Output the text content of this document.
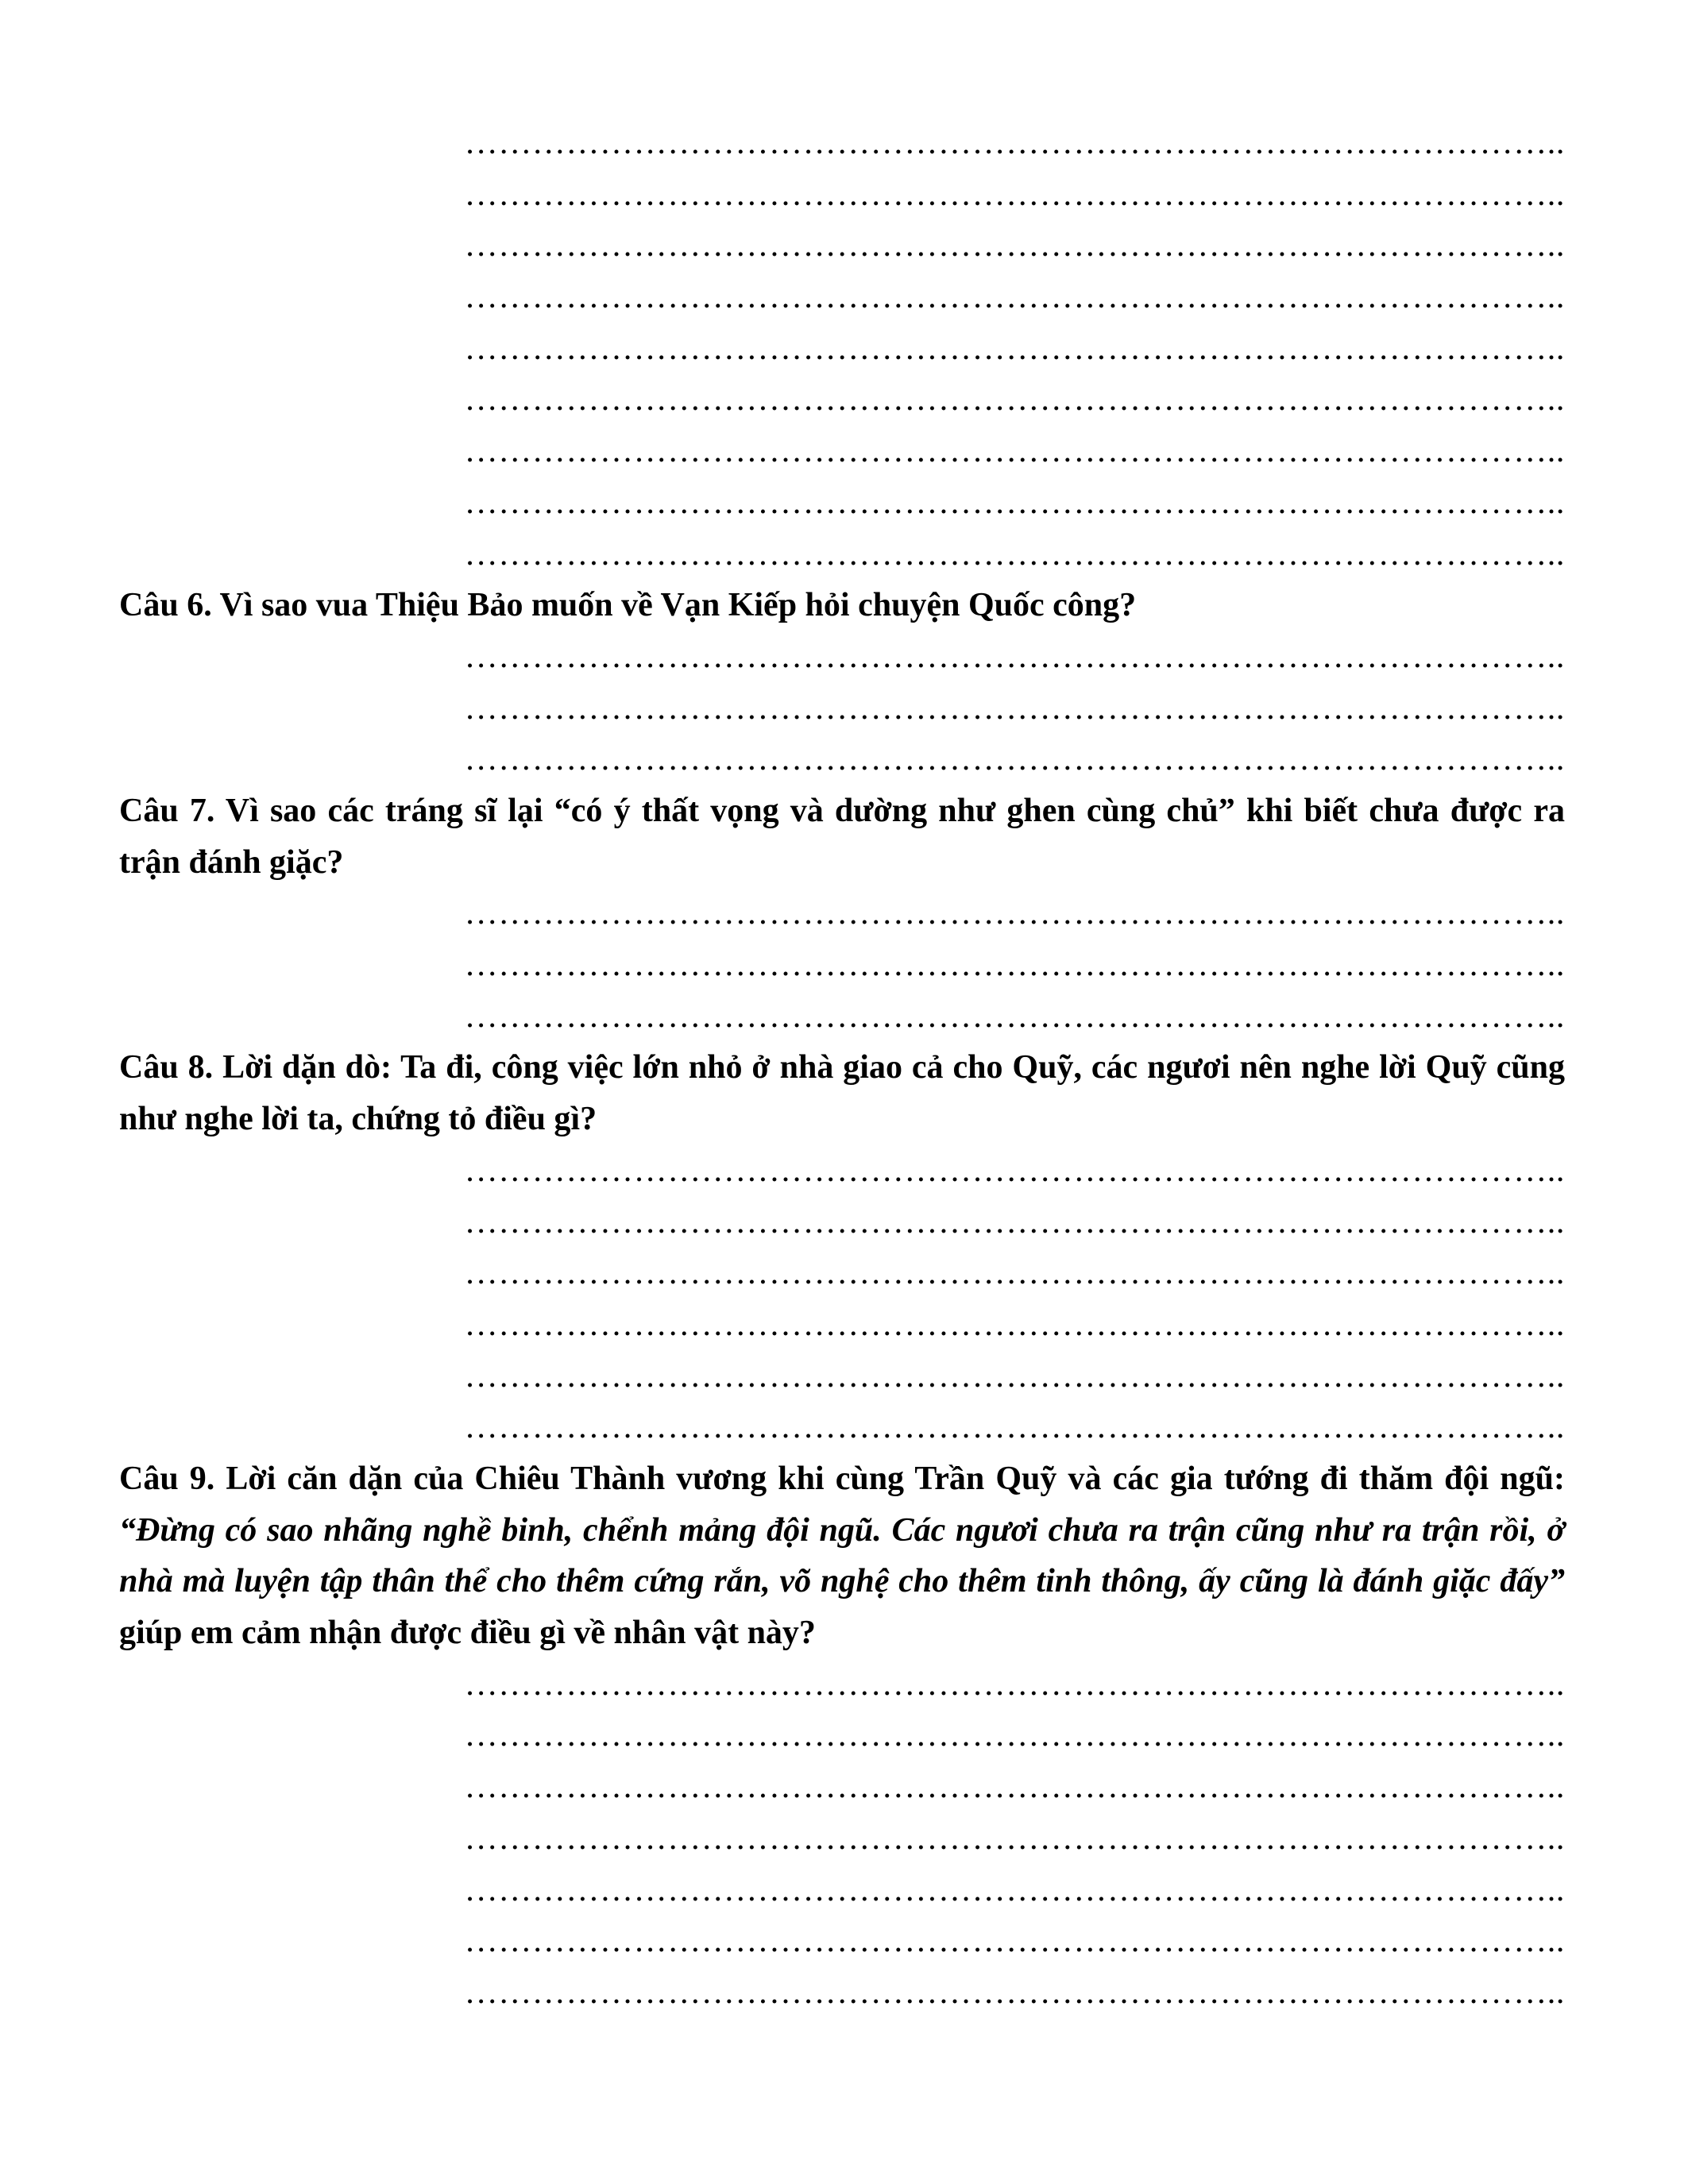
……………………………………………………………………………………..
……………………………………………………………………………………..
……………………………………………………………………………………..
……………………………………………………………………………………..
……………………………………………………………………………………..
……………………………………………………………………………………..
……………………………………………………………………………………..
……………………………………………………………………………………..
……………………………………………………………………………………..

Câu 6. Vì sao vua Thiệu Bảo muốn về Vạn Kiếp hỏi chuyện Quốc công?

……………………………………………………………………………………..
……………………………………………………………………………………..
……………………………………………………………………………………..

Câu 7. Vì sao các tráng sĩ lại “có ý thất vọng và dường như ghen cùng chủ” khi biết chưa được ra trận đánh giặc?

……………………………………………………………………………………..
……………………………………………………………………………………..
……………………………………………………………………………………..

Câu 8. Lời dặn dò: Ta đi, công việc lớn nhỏ ở nhà giao cả cho Quỹ, các ngươi nên nghe lời Quỹ cũng như nghe lời ta, chứng tỏ điều gì?

……………………………………………………………………………………..
……………………………………………………………………………………..
……………………………………………………………………………………..
……………………………………………………………………………………..
……………………………………………………………………………………..
……………………………………………………………………………………..

Câu 9. Lời căn dặn của Chiêu Thành vương khi cùng Trần Quỹ và các gia tướng đi thăm đội ngũ: “Đừng có sao nhãng nghề binh, chểnh mảng đội ngũ. Các ngươi chưa ra trận cũng như ra trận rồi, ở nhà mà luyện tập thân thể cho thêm cứng rắn, võ nghệ cho thêm tinh thông, ấy cũng là đánh giặc đấy” giúp em cảm nhận được điều gì về nhân vật này?

……………………………………………………………………………………..
……………………………………………………………………………………..
……………………………………………………………………………………..
……………………………………………………………………………………..
……………………………………………………………………………………..
……………………………………………………………………………………..
……………………………………………………………………………………..
